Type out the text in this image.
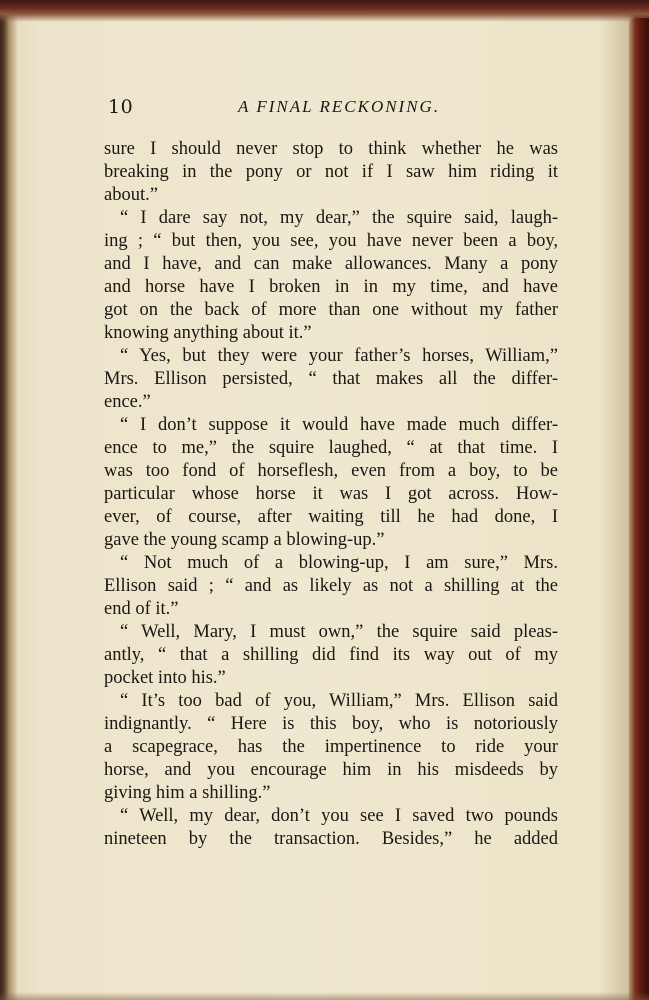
10	A FINAL RECKONING.
sure I should never stop to think whether he was
breaking in the pony or not if I saw him riding it
about.”
“ I dare say not, my dear,” the squire said, laugh-
ing ; “ but then, you see, you have never been a boy,
and I have, and can make allowances. Many a pony
and horse have I broken in in my time, and have
got on the back of more than one without my father
knowing anything about it.”
“ Yes, but they were your father’s horses, William,”
Mrs. Ellison persisted, “ that makes all the differ-
ence.”
“ I don’t suppose it would have made much differ-
ence to me,” the squire laughed, “ at that time. I
was too fond of horseflesh, even from a boy, to be
particular whose horse it was I got across. How-
ever, of course, after waiting till he had done, I
gave the young scamp a blowing-up.”
“ Not much of a blowing-up, I am sure,” Mrs.
Ellison said ; “ and as likely as not a shilling at the
end of it.”
“ Well, Mary, I must own,” the squire said pleas-
antly, “ that a shilling did find its way out of my
pocket into his.”
“ It’s too bad of you, William,” Mrs. Ellison said
indignantly. “ Here is this boy, who is notoriously
a scapegrace, has the impertinence to ride your
horse, and you encourage him in his misdeeds by
giving him a shilling.”
“ Well, my dear, don’t you see I saved two pounds
nineteen by the transaction. Besides,” he added
